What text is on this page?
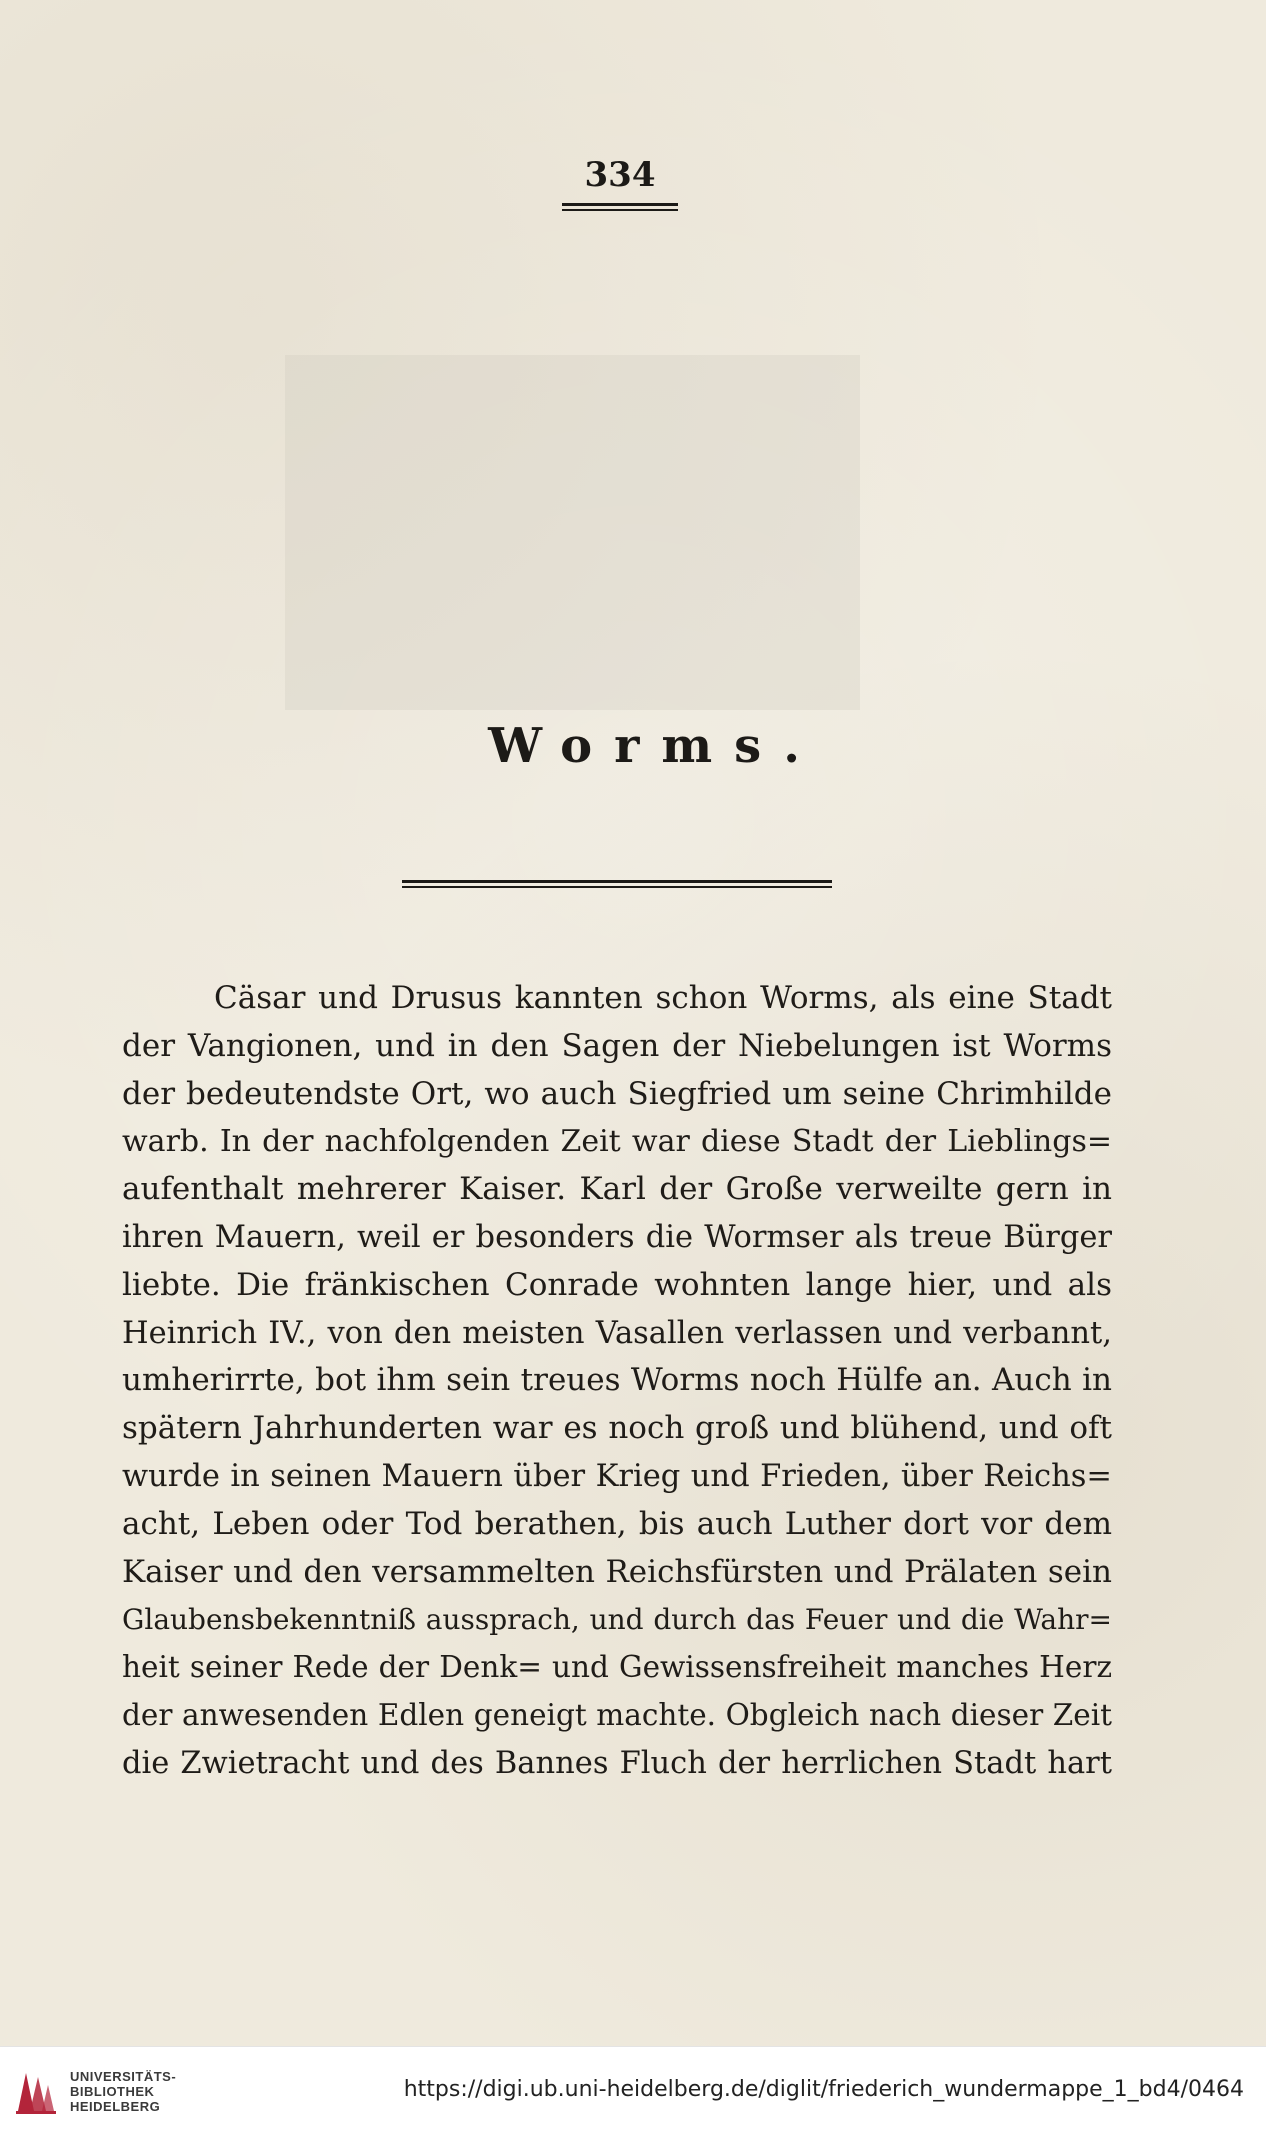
334
Worms.
Cäsar und Drusus kannten schon Worms, als eine Stadt
der Vangionen, und in den Sagen der Niebelungen ist Worms
der bedeutendste Ort, wo auch Siegfried um seine Chrimhilde
warb. In der nachfolgenden Zeit war diese Stadt der Lieblings=
aufenthalt mehrerer Kaiser. Karl der Große verweilte gern in
ihren Mauern, weil er besonders die Wormser als treue Bürger
liebte. Die fränkischen Conrade wohnten lange hier, und als
Heinrich IV., von den meisten Vasallen verlassen und verbannt,
umherirrte, bot ihm sein treues Worms noch Hülfe an. Auch in
spätern Jahrhunderten war es noch groß und blühend, und oft
wurde in seinen Mauern über Krieg und Frieden, über Reichs=
acht, Leben oder Tod berathen, bis auch Luther dort vor dem
Kaiser und den versammelten Reichsfürsten und Prälaten sein
Glaubensbekenntniß aussprach, und durch das Feuer und die Wahr=
heit seiner Rede der Denk= und Gewissensfreiheit manches Herz
der anwesenden Edlen geneigt machte. Obgleich nach dieser Zeit
die Zwietracht und des Bannes Fluch der herrlichen Stadt hart
UNIVERSITÄTS-
BIBLIOTHEK
HEIDELBERG
https://digi.ub.uni-heidelberg.de/diglit/friederich_wundermappe_1_bd4/0464
